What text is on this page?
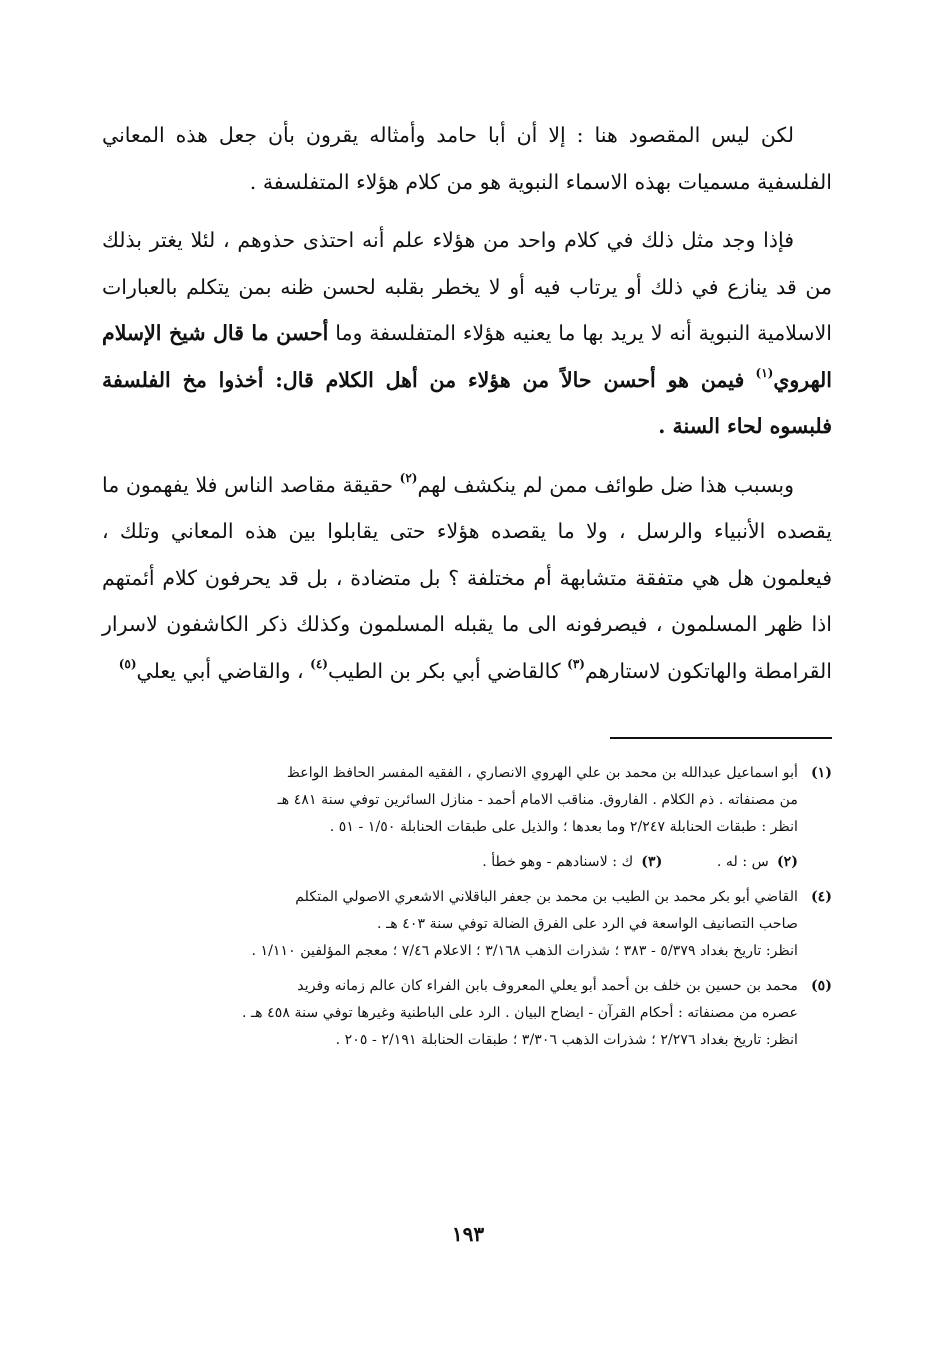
لكن ليس المقصود هنا : إلا أن أبا حامد وأمثاله يقرون بأن جعل هذه المعاني الفلسفية مسميات بهذه الاسماء النبوية هو من كلام هؤلاء المتفلسفة .

فإذا وجد مثل ذلك في كلام واحد من هؤلاء علم أنه احتذى حذوهم ، لئلا يغتر بذلك من قد ينازع في ذلك أو يرتاب فيه أو لا يخطر بقلبه لحسن ظنه بمن يتكلم بالعبارات الاسلامية النبوية أنه لا يريد بها ما يعنيه هؤلاء المتفلسفة وما أحسن ما قال شيخ الإسلام الهروي$^{(١)}$ فيمن هو أحسن حالاً من هؤلاء من أهل الكلام قال: أخذوا مخ الفلسفة فلبسوه لحاء السنة .

وبسبب هذا ضل طوائف ممن لم ينكشف لهم$^{(٢)}$ حقيقة مقاصد الناس فلا يفهمون ما يقصده الأنبياء والرسل ، ولا ما يقصده هؤلاء حتى يقابلوا بين هذه المعاني وتلك ، فيعلمون هل هي متفقة متشابهة أم مختلفة ؟ بل متضادة ، بل قد يحرفون كلام أئمتهم اذا ظهر المسلمون ، فيصرفونه الى ما يقبله المسلمون وكذلك ذكر الكاشفون لاسرار القرامطة والهاتكون لاستارهم$^{(٣)}$ كالقاضي أبي بكر بن الطيب$^{(٤)}$ ، والقاضي أبي يعلي$^{(٥)}$

(١)
أبو اسماعيل عبدالله بن محمد بن علي الهروي الانصاري ، الفقيه المفسر الحافظ الواعظ
من مصنفاته . ذم الكلام . الفاروق. مناقب الامام أحمد - منازل السائرين توفي سنة ٤٨١ هـ
انظر : طبقات الحنابلة ٢/٢٤٧ وما بعدها ؛ والذيل على طبقات الحنابلة ١/٥٠ - ٥١ .
(٢)س : له . (٣)ك : لاسنادهم - وهو خطأ .
(٤)
القاضي أبو بكر محمد بن الطيب بن محمد بن جعفر الباقلاني الاشعري الاصولي المتكلم
صاحب التصانيف الواسعة في الرد على الفرق الضالة توفي سنة ٤٠٣ هـ .
انظر: تاريخ بغداد ٥/٣٧٩ - ٣٨٣ ؛ شذرات الذهب ٣/١٦٨ ؛ الاعلام ٧/٤٦ ؛ معجم المؤلفين ١/١١٠ .
(٥)
محمد بن حسين بن خلف بن أحمد أبو يعلي المعروف بابن الفراء كان عالم زمانه وفريد
عصره من مصنفاته : أحكام القرآن - ايضاح البيان . الرد على الباطنية وغيرها توفي سنة ٤٥٨ هـ .
انظر: تاريخ بغداد ٢/٢٧٦ ؛ شذرات الذهب ٣/٣٠٦ ؛ طبقات الحنابلة ٢/١٩١ - ٢٠٥ .
١٩٣
